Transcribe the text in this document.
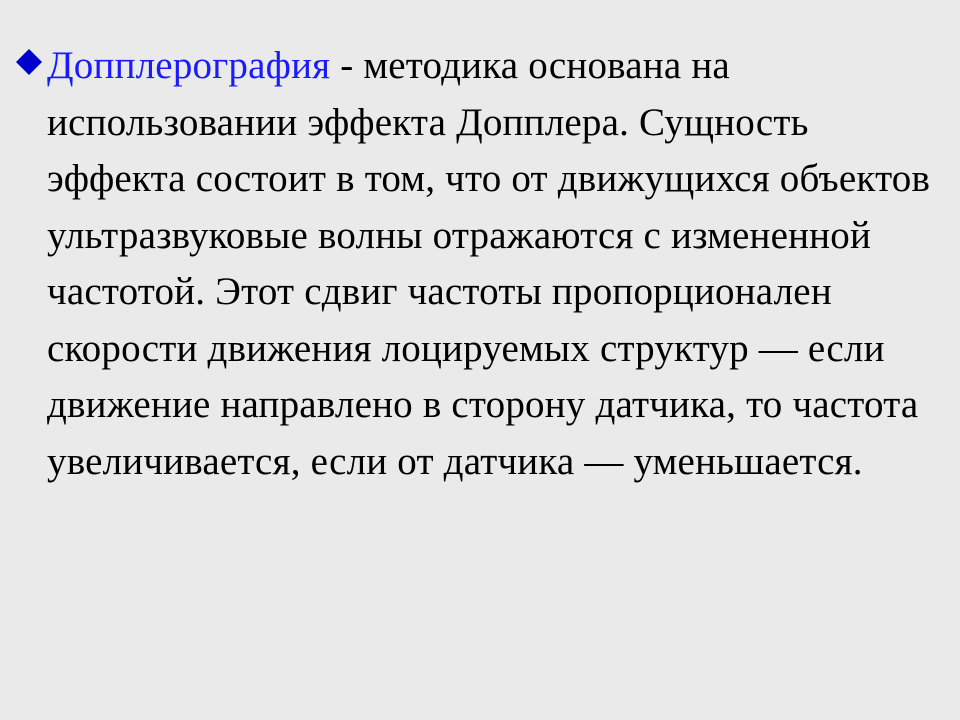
Допплерография - методика основана на использовании эффекта Допплера. Сущность эффекта состоит в том, что от движущихся объектов ультразвуковые волны отражаются с измененной частотой. Этот сдвиг частоты пропорционален скорости движения лоцируемых структур — если движение направлено в сторону датчика, то частота увеличивается, если от датчика — уменьшается.
